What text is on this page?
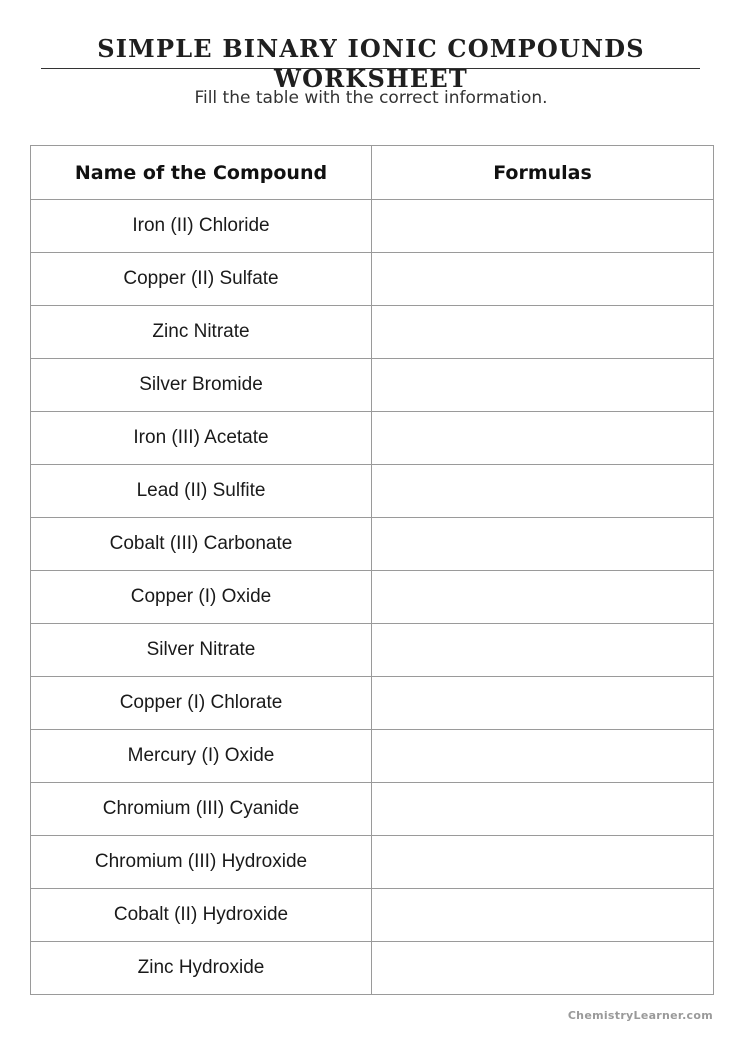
SIMPLE BINARY IONIC COMPOUNDS WORKSHEET
Fill the table with the correct information.
Name of the Compound	Formulas
Iron (II) Chloride	
Copper (II) Sulfate	
Zinc Nitrate	
Silver Bromide	
Iron (III) Acetate	
Lead (II) Sulfite	
Cobalt (III) Carbonate	
Copper (I) Oxide	
Silver Nitrate	
Copper (I) Chlorate	
Mercury (I) Oxide	
Chromium (III) Cyanide	
Chromium (III) Hydroxide	
Cobalt (II) Hydroxide	
Zinc Hydroxide	
ChemistryLearner.com
